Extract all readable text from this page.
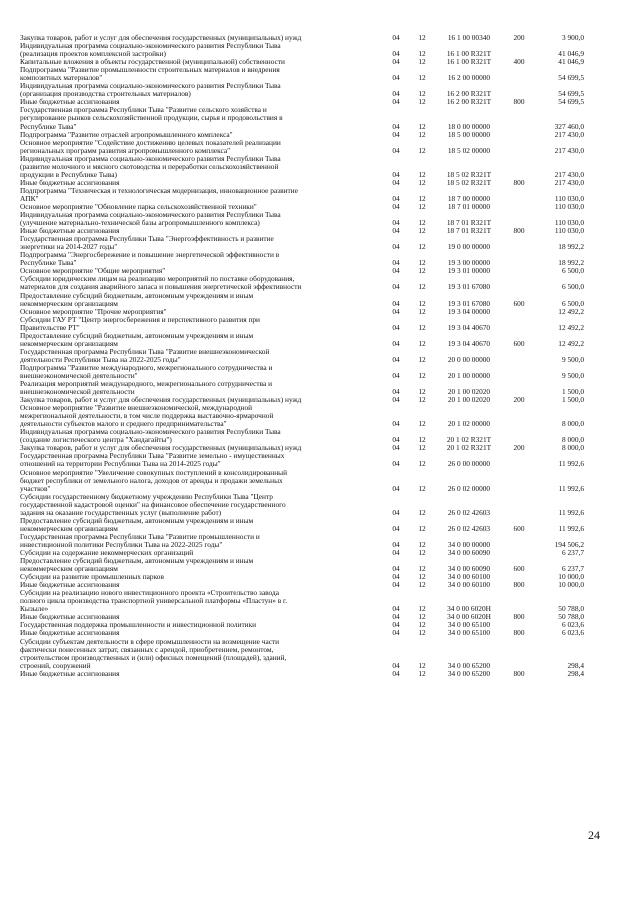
Закупка товаров, работ и услуг для обеспечения государственных (муниципальных) нужд	04	12	16 1 00 00340	200	3 900,0
Индивидуальная программа социально-экономического развития Республики Тыва
(реализация проектов комплексной застройки)	04	12	16 1 00 R321T	41 046,9
Капитальные вложения в объекты государственной (муниципальной) собственности	04	12	16 1 00 R321T	400	41 046,9
Подпрограмма "Развитие промышленности строительных материалов и внедрения
композитных материалов"	04	12	16 2 00 00000	54 699,5
Индивидуальная программа социально-экономического развития Республики Тыва
(организация производства строительных материалов)	04	12	16 2 00 R321T	54 699,5
Иные бюджетные ассигнования	04	12	16 2 00 R321T	800	54 699,5
Государственная программа Республики Тыва "Развитие сельского хозяйства и
регулирование рынков сельскохозяйственной продукции, сырья и продовольствия в
Республике Тыва"	04	12	18 0 00 00000	327 460,0
Подпрограмма "Развитие отраслей агропромышленного комплекса"	04	12	18 5 00 00000	217 430,0
Основное мероприятие "Содействие достижению целевых показателей реализации
региональных программ развития агропромышленного комплекса"	04	12	18 5 02 00000	217 430,0
Индивидуальная программа социально-экономического развития Республики Тыва
(развитие молочного и мясного скотоводства и переработки сельскохозяйственной
продукции в Республике Тыва)	04	12	18 5 02 R321T	217 430,0
Иные бюджетные ассигнования	04	12	18 5 02 R321T	800	217 430,0
Подпрограмма "Техническая и технологическая модернизация, инновационное развитие
АПК"	04	12	18 7 00 00000	110 030,0
Основное мероприятие "Обновление парка сельскохозяйственной техники"	04	12	18 7 01 00000	110 030,0
Индивидуальная программа социально-экономического развития Республики Тыва
(улучшение материально-технической базы агропромышленного комплекса)	04	12	18 7 01 R321T	110 030,0
Иные бюджетные ассигнования	04	12	18 7 01 R321T	800	110 030,0
Государственная программа Республики Тыва "Энергоэффективность и развитие
энергетики на 2014-2027 годы"	04	12	19 0 00 00000	18 992,2
Подпрограмма "Энергосбережение и повышение энергетической эффективности в
Республике Тыва"	04	12	19 3 00 00000	18 992,2
Основное мероприятие "Общие мероприятия"	04	12	19 3 01 00000	6 500,0
Субсидии юридическим лицам на реализацию мероприятий по поставке оборудования,
материалов для создания аварийного запаса и повышения энергетической эффективности	04	12	19 3 01 67080	6 500,0
Предоставление субсидий бюджетным, автономным учреждениям и иным
некоммерческим организациям	04	12	19 3 01 67080	600	6 500,0
Основное мероприятие "Прочие мероприятия"	04	12	19 3 04 00000	12 492,2
Субсидии ГАУ РТ "Центр энергосбережения и перспективного развития при
Правительстве РТ"	04	12	19 3 04 40670	12 492,2
Предоставление субсидий бюджетным, автономным учреждениям и иным
некоммерческим организациям	04	12	19 3 04 40670	600	12 492,2
Государственная программа Республики Тыва "Развитие внешнеэкономической
деятельности Республики Тыва на 2022-2025 годы"	04	12	20 0 00 00000	9 500,0
Подпрограмма "Развитие международного, межрегионального сотрудничества и
внешнеэкономической деятельности"	04	12	20 1 00 00000	9 500,0
Реализация мероприятий международного, межрегионального сотрудничества и
внешнеэкономической деятельности	04	12	20 1 00 02020	1 500,0
Закупка товаров, работ и услуг для обеспечения государственных (муниципальных) нужд	04	12	20 1 00 02020	200	1 500,0
Основное мероприятие "Развитие внешнеэкономической, международной
межрегиональной деятельности, в том числе поддержка выставочно-ярмарочной
деятельности субъектов малого и среднего предпринимательства"	04	12	20 1 02 00000	8 000,0
Индивидуальная программа социально-экономического развития Республики Тыва
(создание логистического центра "Хандагайты")	04	12	20 1 02 R321T	8 000,0
Закупка товаров, работ и услуг для обеспечения государственных (муниципальных) нужд	04	12	20 1 02 R321T	200	8 000,0
Государственная программа Республики Тыва "Развитие земельно - имущественных
отношений на территории Республики Тыва на 2014-2025 годы"	04	12	26 0 00 00000	11 992,6
Основное мероприятие "Увеличение совокупных поступлений в консолидированный
бюджет республики от земельного налога, доходов от аренды и продажи земельных
участков"	04	12	26 0 02 00000	11 992,6
Субсидии государственному бюджетному учреждению Республики Тыва "Центр
государственной кадастровой оценки" на финансовое обеспечение государственного
задания на оказание государственных услуг (выполнение работ)	04	12	26 0 02 42603	11 992,6
Предоставление субсидий бюджетным, автономным учреждениям и иным
некоммерческим организациям	04	12	26 0 02 42603	600	11 992,6
Государственная программа Республики Тыва "Развитие промышленности и
инвестиционной политики Республики Тыва на 2022-2025 годы"	04	12	34 0 00 00000	194 506,2
Субсидии на содержание некоммерческих организаций	04	12	34 0 00 60090	6 237,7
Предоставление субсидий бюджетным, автономным учреждениям и иным
некоммерческим организациям	04	12	34 0 00 60090	600	6 237,7
Субсидии на развитие промышленных парков	04	12	34 0 00 60100	10 000,0
Иные бюджетные ассигнования	04	12	34 0 00 60100	800	10 000,0
Субсидии на реализацию нового инвестиционного проекта «Строительство завода
полного цикла производства транспортной универсальной платформы «Пластун» в г.
Кызыле»	04	12	34 0 00 6020Н	50 788,0
Иные бюджетные ассигнования	04	12	34 0 00 6020Н	800	50 788,0
Государственная поддержка промышленности и инвестиционной политики	04	12	34 0 00 65100	6 023,6
Иные бюджетные ассигнования	04	12	34 0 00 65100	800	6 023,6
Субсидии субъектам деятельности в сфере промышленности на возмещение части
фактически понесенных затрат, связанных с арендой, приобретением, ремонтом,
строительством производственных и (или) офисных помещений (площадей), зданий,
строений, сооружений	04	12	34 0 00 65200	298,4
Иные бюджетные ассигнования	04	12	34 0 00 65200	800	298,4
24
